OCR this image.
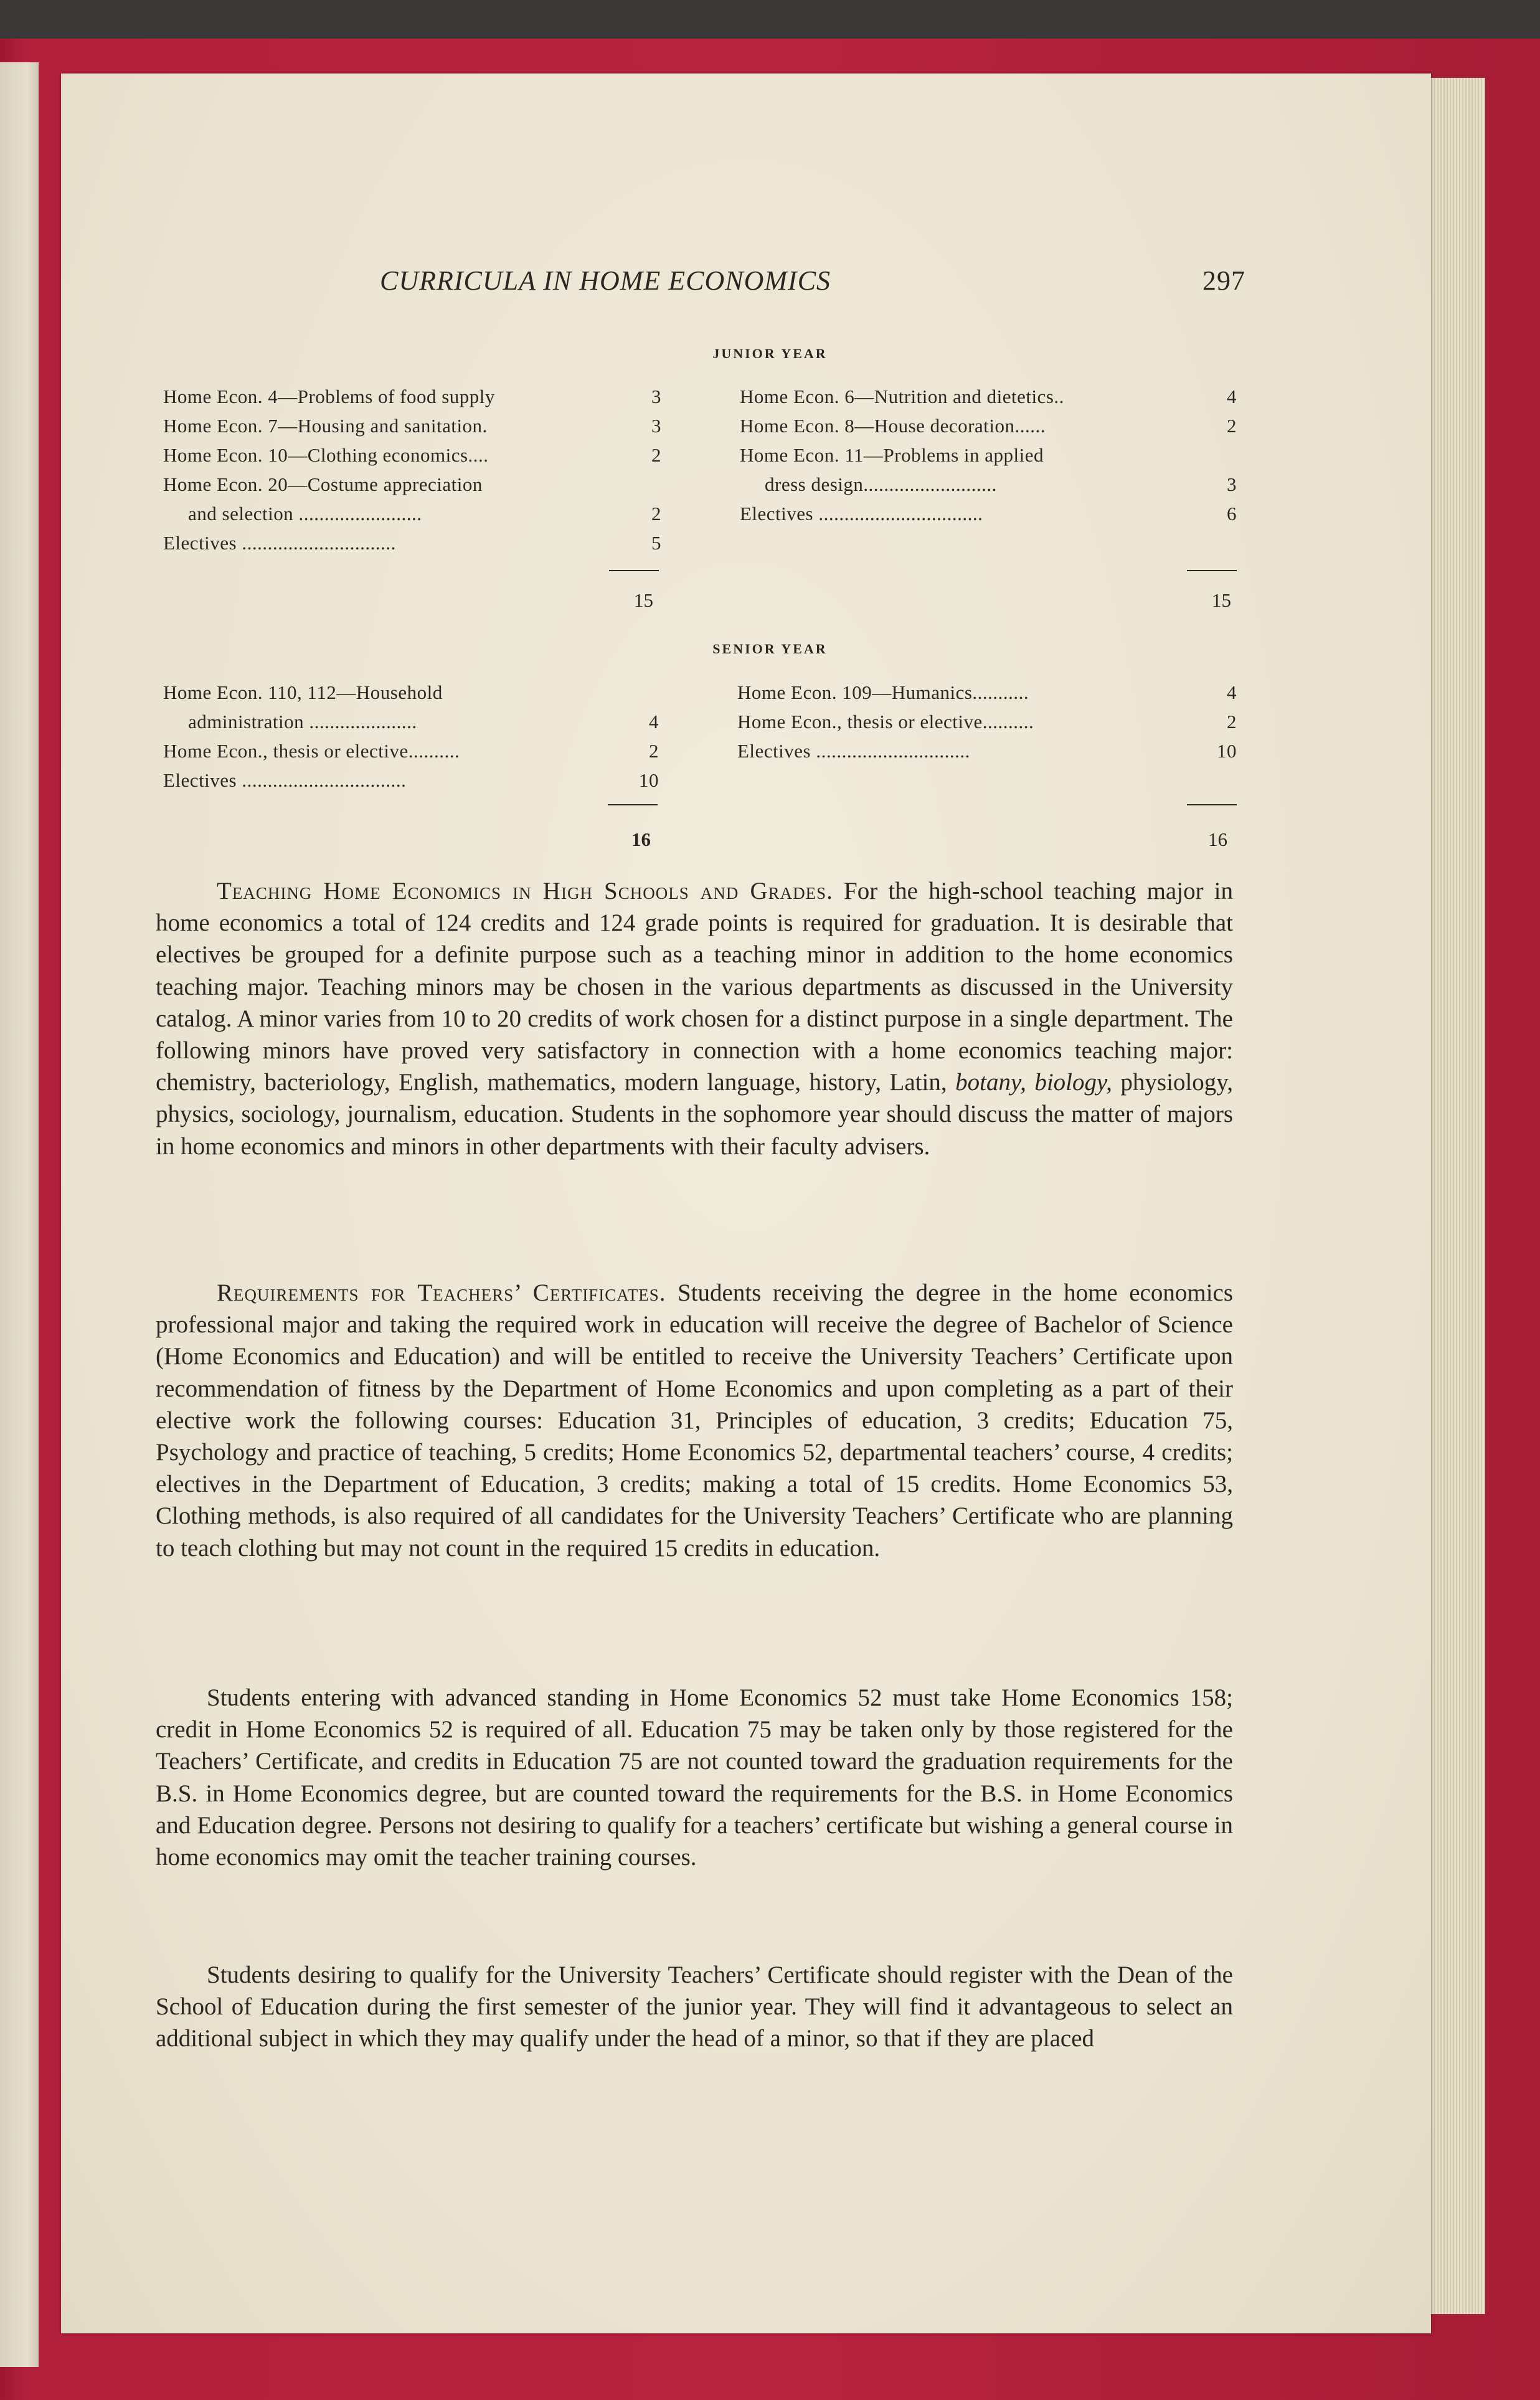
CURRICULA IN HOME ECONOMICS	297
JUNIOR YEAR
Home Econ. 4—Problems of food supply	3
Home Econ. 7—Housing and sanitation.	3
Home Econ. 10—Clothing economics....	2
Home Econ. 20—Costume appreciation
and selection ........................	2
Electives ..............................	5
Home Econ. 6—Nutrition and dietetics..	4
Home Econ. 8—House decoration......	2
Home Econ. 11—Problems in applied
dress design..........................	3
Electives ................................	6
15	15
SENIOR YEAR
Home Econ. 110, 112—Household
administration .....................	4
Home Econ., thesis or elective..........	2
Electives ................................	10
Home Econ. 109—Humanics...........	4
Home Econ., thesis or elective..........	2
Electives ..............................	10
16	16

Teaching Home Economics in High Schools and Grades. For the high-school teaching major in home economics a total of 124 credits and 124 grade points is required for graduation. It is desirable that electives be grouped for a definite purpose such as a teaching minor in addition to the home economics teaching major. Teaching minors may be chosen in the various departments as discussed in the University catalog. A minor varies from 10 to 20 credits of work chosen for a distinct purpose in a single department. The following minors have proved very satisfactory in connection with a home economics teaching major: chemistry, bacteriology, English, mathematics, modern language, history, Latin, botany, biology, physiology, physics, sociology, journalism, education. Students in the sophomore year should discuss the matter of majors in home economics and minors in other departments with their faculty advisers.

Requirements for Teachers’ Certificates. Students receiving the degree in the home economics professional major and taking the required work in education will receive the degree of Bachelor of Science (Home Economics and Education) and will be entitled to receive the University Teachers’ Certificate upon recommendation of fitness by the Department of Home Economics and upon completing as a part of their elective work the following courses: Education 31, Principles of education, 3 credits; Education 75, Psychology and practice of teaching, 5 credits; Home Economics 52, departmental teachers’ course, 4 credits; electives in the Department of Education, 3 credits; making a total of 15 credits. Home Economics 53, Clothing methods, is also required of all candidates for the University Teachers’ Certificate who are planning to teach clothing but may not count in the required 15 credits in education.

Students entering with advanced standing in Home Economics 52 must take Home Economics 158; credit in Home Economics 52 is required of all. Education 75 may be taken only by those registered for the Teachers’ Certificate, and credits in Education 75 are not counted toward the graduation requirements for the B.S. in Home Economics degree, but are counted toward the requirements for the B.S. in Home Economics and Education degree. Persons not desiring to qualify for a teachers’ certificate but wishing a general course in home economics may omit the teacher training courses.

Students desiring to qualify for the University Teachers’ Certificate should register with the Dean of the School of Education during the first semester of the junior year. They will find it advantageous to select an additional subject in which they may qualify under the head of a minor, so that if they are placed
